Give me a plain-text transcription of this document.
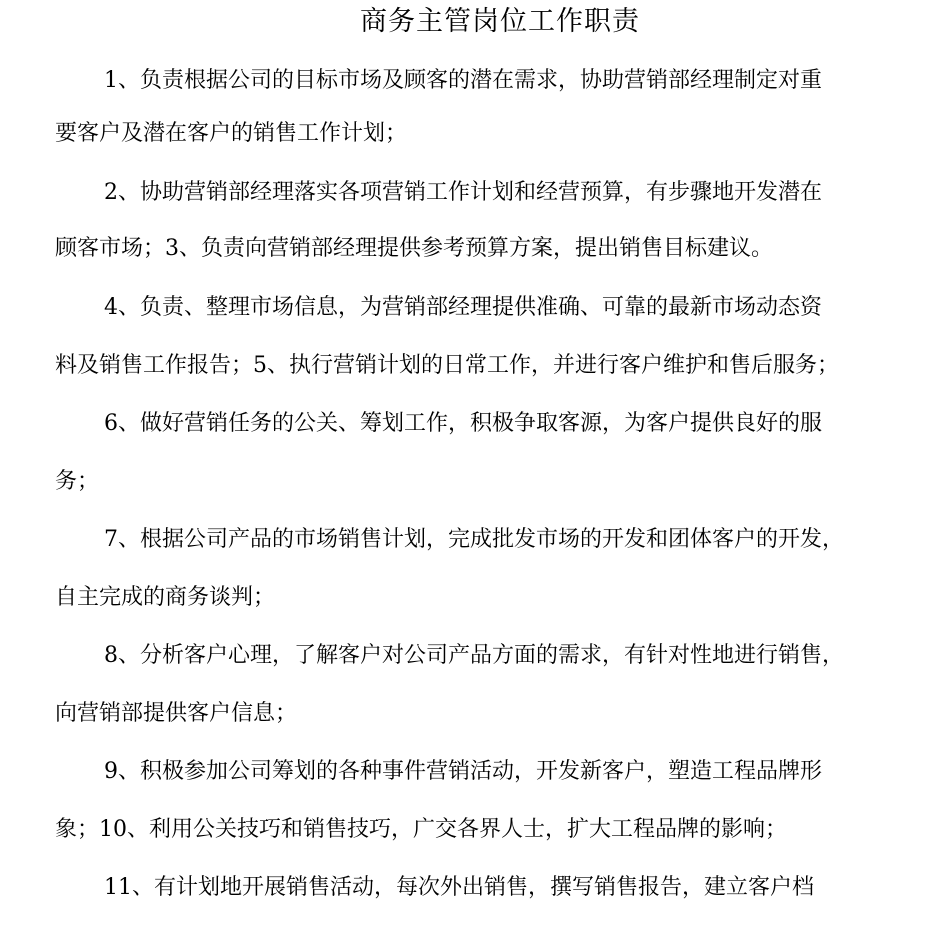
商务主管岗位工作职责

1、负责根据公司的目标市场及顾客的潜在需求，协助营销部经理制定对重

要客户及潜在客户的销售工作计划；

2、协助营销部经理落实各项营销工作计划和经营预算，有步骤地开发潜在

顾客市场；3、负责向营销部经理提供参考预算方案，提出销售目标建议。

4、负责、整理市场信息，为营销部经理提供准确、可靠的最新市场动态资

料及销售工作报告；5、执行营销计划的日常工作，并进行客户维护和售后服务；

6、做好营销任务的公关、筹划工作，积极争取客源，为客户提供良好的服

务；

7、根据公司产品的市场销售计划，完成批发市场的开发和团体客户的开发，

自主完成的商务谈判；

8、分析客户心理，了解客户对公司产品方面的需求，有针对性地进行销售，

向营销部提供客户信息；

9、积极参加公司筹划的各种事件营销活动，开发新客户，塑造工程品牌形

象；10、利用公关技巧和销售技巧，广交各界人士，扩大工程品牌的影响；

11、有计划地开展销售活动，每次外出销售，撰写销售报告，建立客户档
